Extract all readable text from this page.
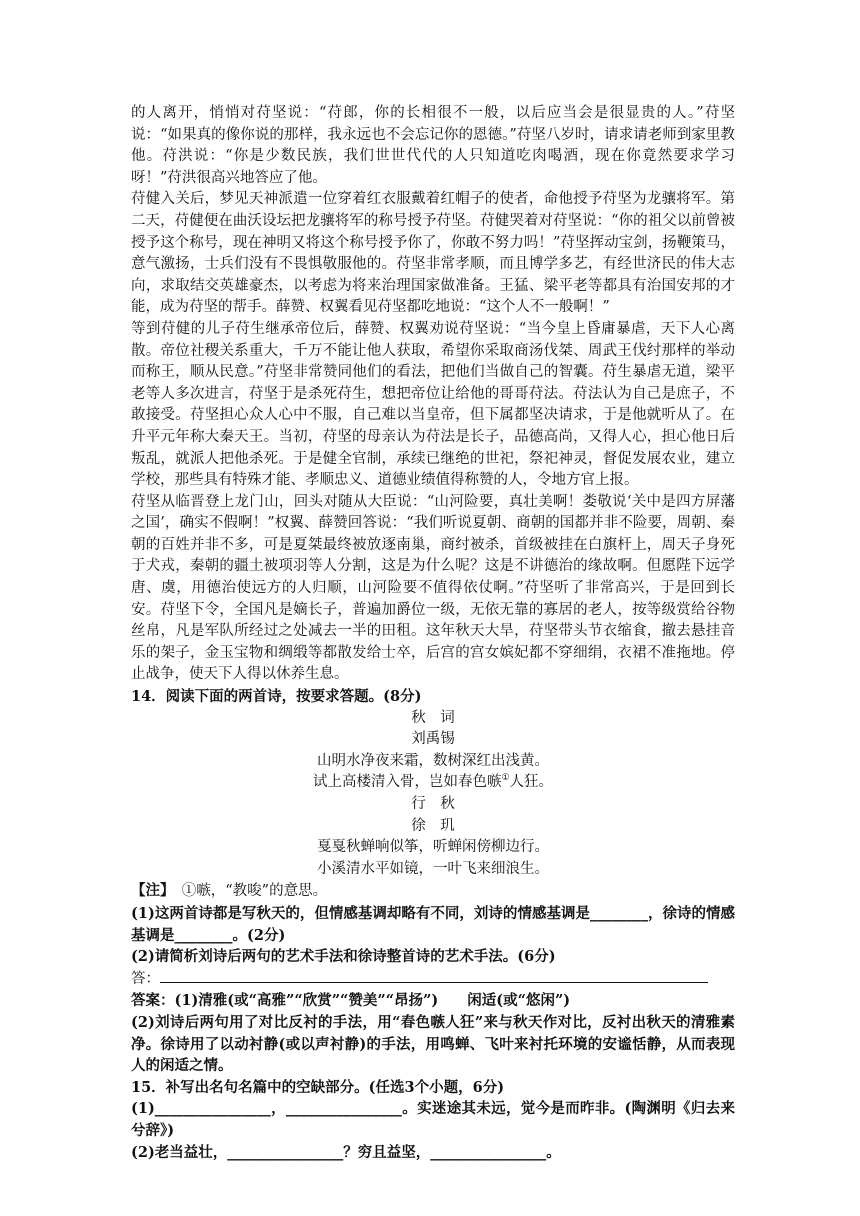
的人离开，悄悄对苻坚说：“苻郎，你的长相很不一般，以后应当会是很显贵的人。”苻坚说：“如果真的像你说的那样，我永远也不会忘记你的恩德。”苻坚八岁时，请求请老师到家里教他。苻洪说：“你是少数民族，我们世世代代的人只知道吃肉喝酒，现在你竟然要求学习呀！”苻洪很高兴地答应了他。

苻健入关后，梦见天神派遣一位穿着红衣服戴着红帽子的使者，命他授予苻坚为龙骧将军。第二天，苻健便在曲沃设坛把龙骧将军的称号授予苻坚。苻健哭着对苻坚说：“你的祖父以前曾被授予这个称号，现在神明又将这个称号授予你了，你敢不努力吗！”苻坚挥动宝剑，扬鞭策马，意气激扬，士兵们没有不畏惧敬服他的。苻坚非常孝顺，而且博学多艺，有经世济民的伟大志向，求取结交英雄豪杰，以考虑为将来治理国家做准备。王猛、梁平老等都具有治国安邦的才能，成为苻坚的帮手。薛赞、权翼看见苻坚都吃地说：“这个人不一般啊！”

等到苻健的儿子苻生继承帝位后，薛赞、权翼劝说苻坚说：“当今皇上昏庸暴虐，天下人心离散。帝位社稷关系重大，千万不能让他人获取，希望你采取商汤伐桀、周武王伐纣那样的举动而称王，顺从民意。”苻坚非常赞同他们的看法，把他们当做自己的智囊。苻生暴虐无道，梁平老等人多次进言，苻坚于是杀死苻生，想把帝位让给他的哥哥苻法。苻法认为自己是庶子，不敢接受。苻坚担心众人心中不服，自己难以当皇帝，但下属都坚决请求，于是他就听从了。在升平元年称大秦天王。当初，苻坚的母亲认为苻法是长子，品德高尚，又得人心，担心他日后叛乱，就派人把他杀死。于是健全官制，承续已继绝的世祀，祭祀神灵，督促发展农业，建立学校，那些具有特殊才能、孝顺忠义、道德业绩值得称赞的人，令地方官上报。

苻坚从临晋登上龙门山，回头对随从大臣说：“山河险要，真壮美啊！娄敬说‘关中是四方屏藩之国’，确实不假啊！”权翼、薛赞回答说：“我们听说夏朝、商朝的国都并非不险要，周朝、秦朝的百姓并非不多，可是夏桀最终被放逐南巢，商纣被杀，首级被挂在白旗杆上，周天子身死于犬戎，秦朝的疆土被项羽等人分割，这是为什么呢？这是不讲德治的缘故啊。但愿陛下远学唐、虞，用德治使远方的人归顺，山河险要不值得依仗啊。”苻坚听了非常高兴，于是回到长安。苻坚下令，全国凡是嫡长子，普遍加爵位一级，无依无靠的寡居的老人，按等级赏给谷物丝帛，凡是军队所经过之处减去一半的田租。这年秋天大旱，苻坚带头节衣缩食，撤去悬挂音乐的架子，金玉宝物和绸缎等都散发给士卒，后宫的宫女嫔妃都不穿细绢，衣裙不准拖地。停止战争，使天下人得以休养生息。

14．阅读下面的两首诗，按要求答题。(8分)

秋　词

刘禹锡

山明水净夜来霜，数树深红出浅黄。

试上高楼清入骨，岂如春色嗾①人狂。

行　秋

徐　玑

戛戛秋蝉响似筝，听蝉闲傍柳边行。

小溪清水平如镜，一叶飞来细浪生。

【注】　①嗾，“教唆”的意思。

(1)这两首诗都是写秋天的，但情感基调却略有不同，刘诗的情感基调是________，徐诗的情感基调是________。(2分)

(2)请简析刘诗后两句的艺术手法和徐诗整首诗的艺术手法。(6分)

答：

答案：(1)清雅(或“高雅”“欣赏”“赞美”“昂扬”)　　闲适(或“悠闲”)

(2)刘诗后两句用了对比反衬的手法，用“春色嗾人狂”来与秋天作对比，反衬出秋天的清雅素净。徐诗用了以动衬静(或以声衬静)的手法，用鸣蝉、飞叶来衬托环境的安谧恬静，从而表现人的闲适之情。

15．补写出名句名篇中的空缺部分。(任选3个小题，6分)

(1)________________，________________。实迷途其未远，觉今是而昨非。(陶渊明《归去来兮辞》)

(2)老当益壮，________________？穷且益坚，________________。
